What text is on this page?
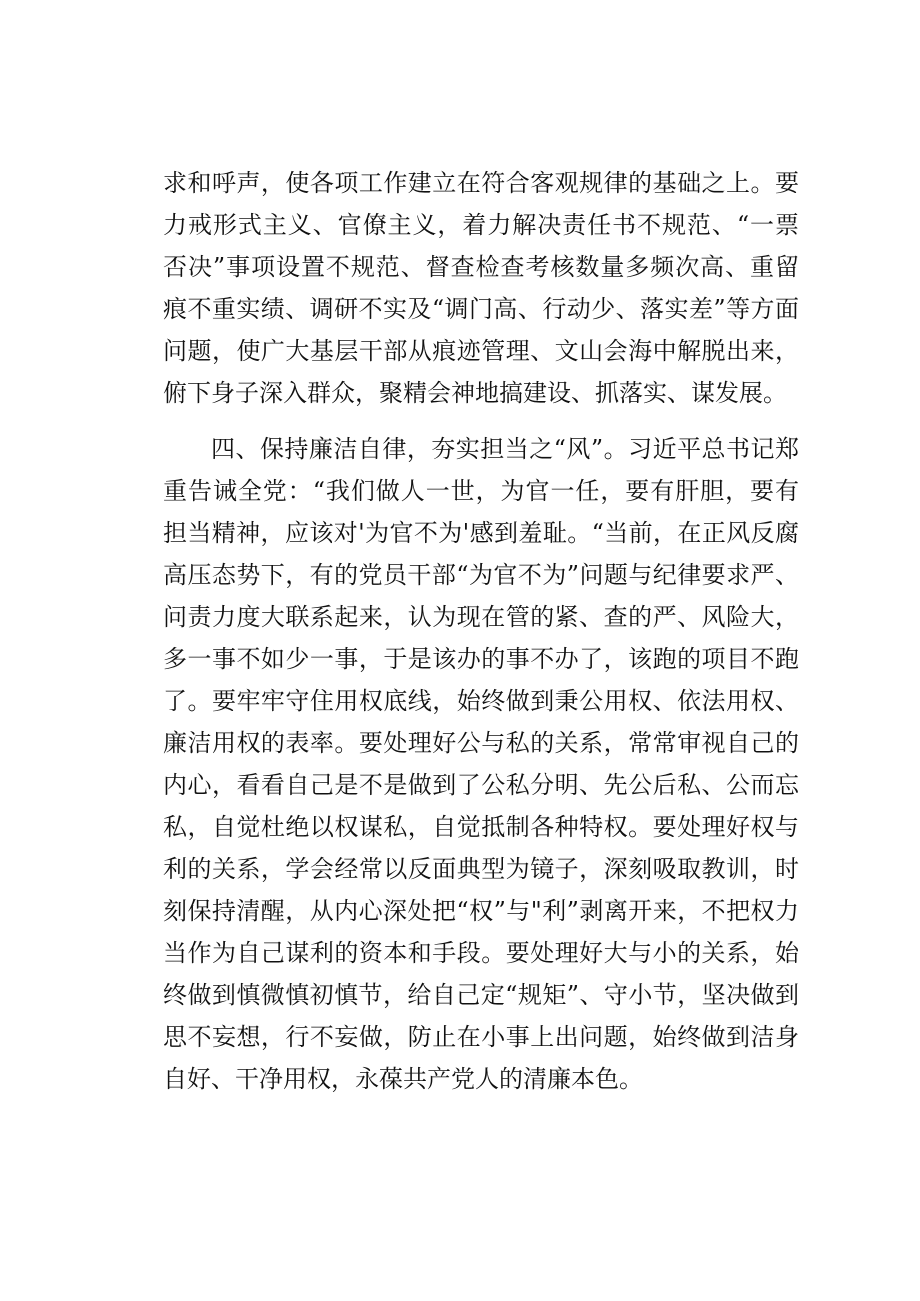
求和呼声，使各项工作建立在符合客观规律的基础之上。要力戒形式主义、官僚主义，着力解决责任书不规范、“一票否决”事项设置不规范、督查检查考核数量多频次高、重留痕不重实绩、调研不实及“调门高、行动少、落实差”等方面问题，使广大基层干部从痕迹管理、文山会海中解脱出来，俯下身子深入群众，聚精会神地搞建设、抓落实、谋发展。

四、保持廉洁自律，夯实担当之“风”。习近平总书记郑重告诫全党：“我们做人一世，为官一任，要有肝胆，要有担当精神，应该对'为官不为'感到羞耻。“当前，在正风反腐高压态势下，有的党员干部“为官不为”问题与纪律要求严、问责力度大联系起来，认为现在管的紧、查的严、风险大，多一事不如少一事，于是该办的事不办了，该跑的项目不跑了。要牢牢守住用权底线，始终做到秉公用权、依法用权、廉洁用权的表率。要处理好公与私的关系，常常审视自己的内心，看看自己是不是做到了公私分明、先公后私、公而忘私，自觉杜绝以权谋私，自觉抵制各种特权。要处理好权与利的关系，学会经常以反面典型为镜子，深刻吸取教训，时刻保持清醒，从内心深处把“权”与"利”剥离开来，不把权力当作为自己谋利的资本和手段。要处理好大与小的关系，始终做到慎微慎初慎节，给自己定“规矩”、守小节，坚决做到思不妄想，行不妄做，防止在小事上出问题，始终做到洁身自好、干净用权，永葆共产党人的清廉本色。
